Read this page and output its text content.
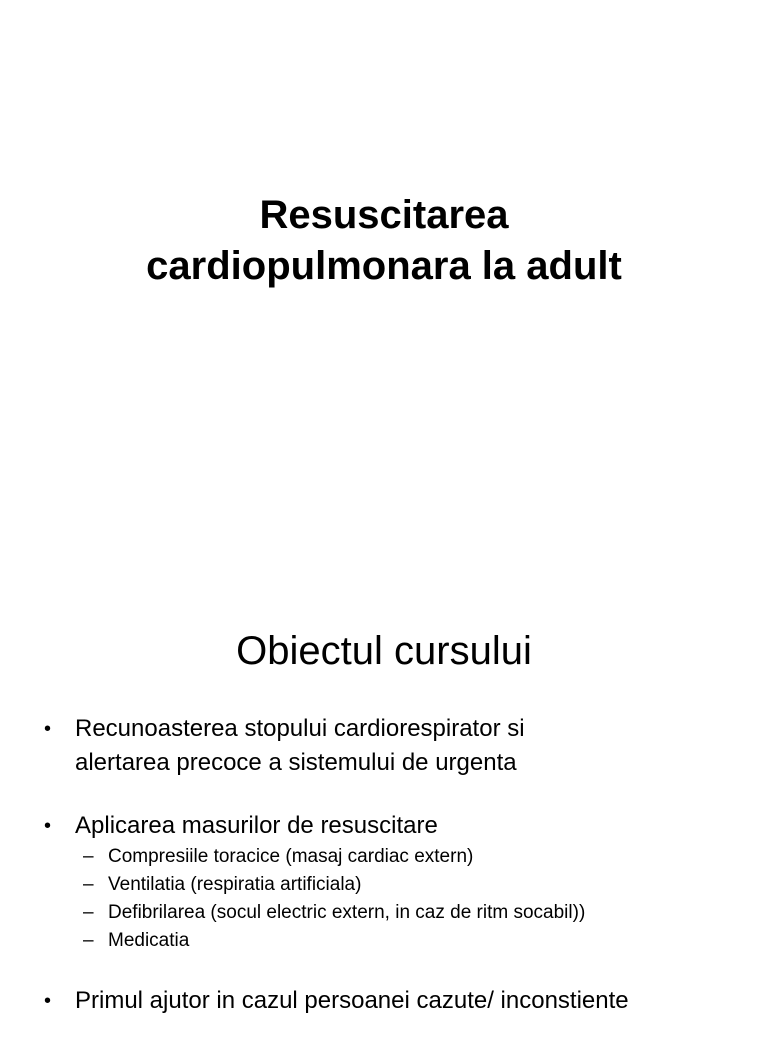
Resuscitarea
cardiopulmonara la adult
Obiectul cursului
• Recunoasterea stopului cardiorespirator si
alertarea precoce a sistemului de urgenta
• Aplicarea masurilor de resuscitare
– Compresiile toracice (masaj cardiac extern)
– Ventilatia (respiratia artificiala)
– Defibrilarea (socul electric extern, in caz de ritm socabil))
– Medicatia
• Primul ajutor in cazul persoanei cazute/ inconstiente
